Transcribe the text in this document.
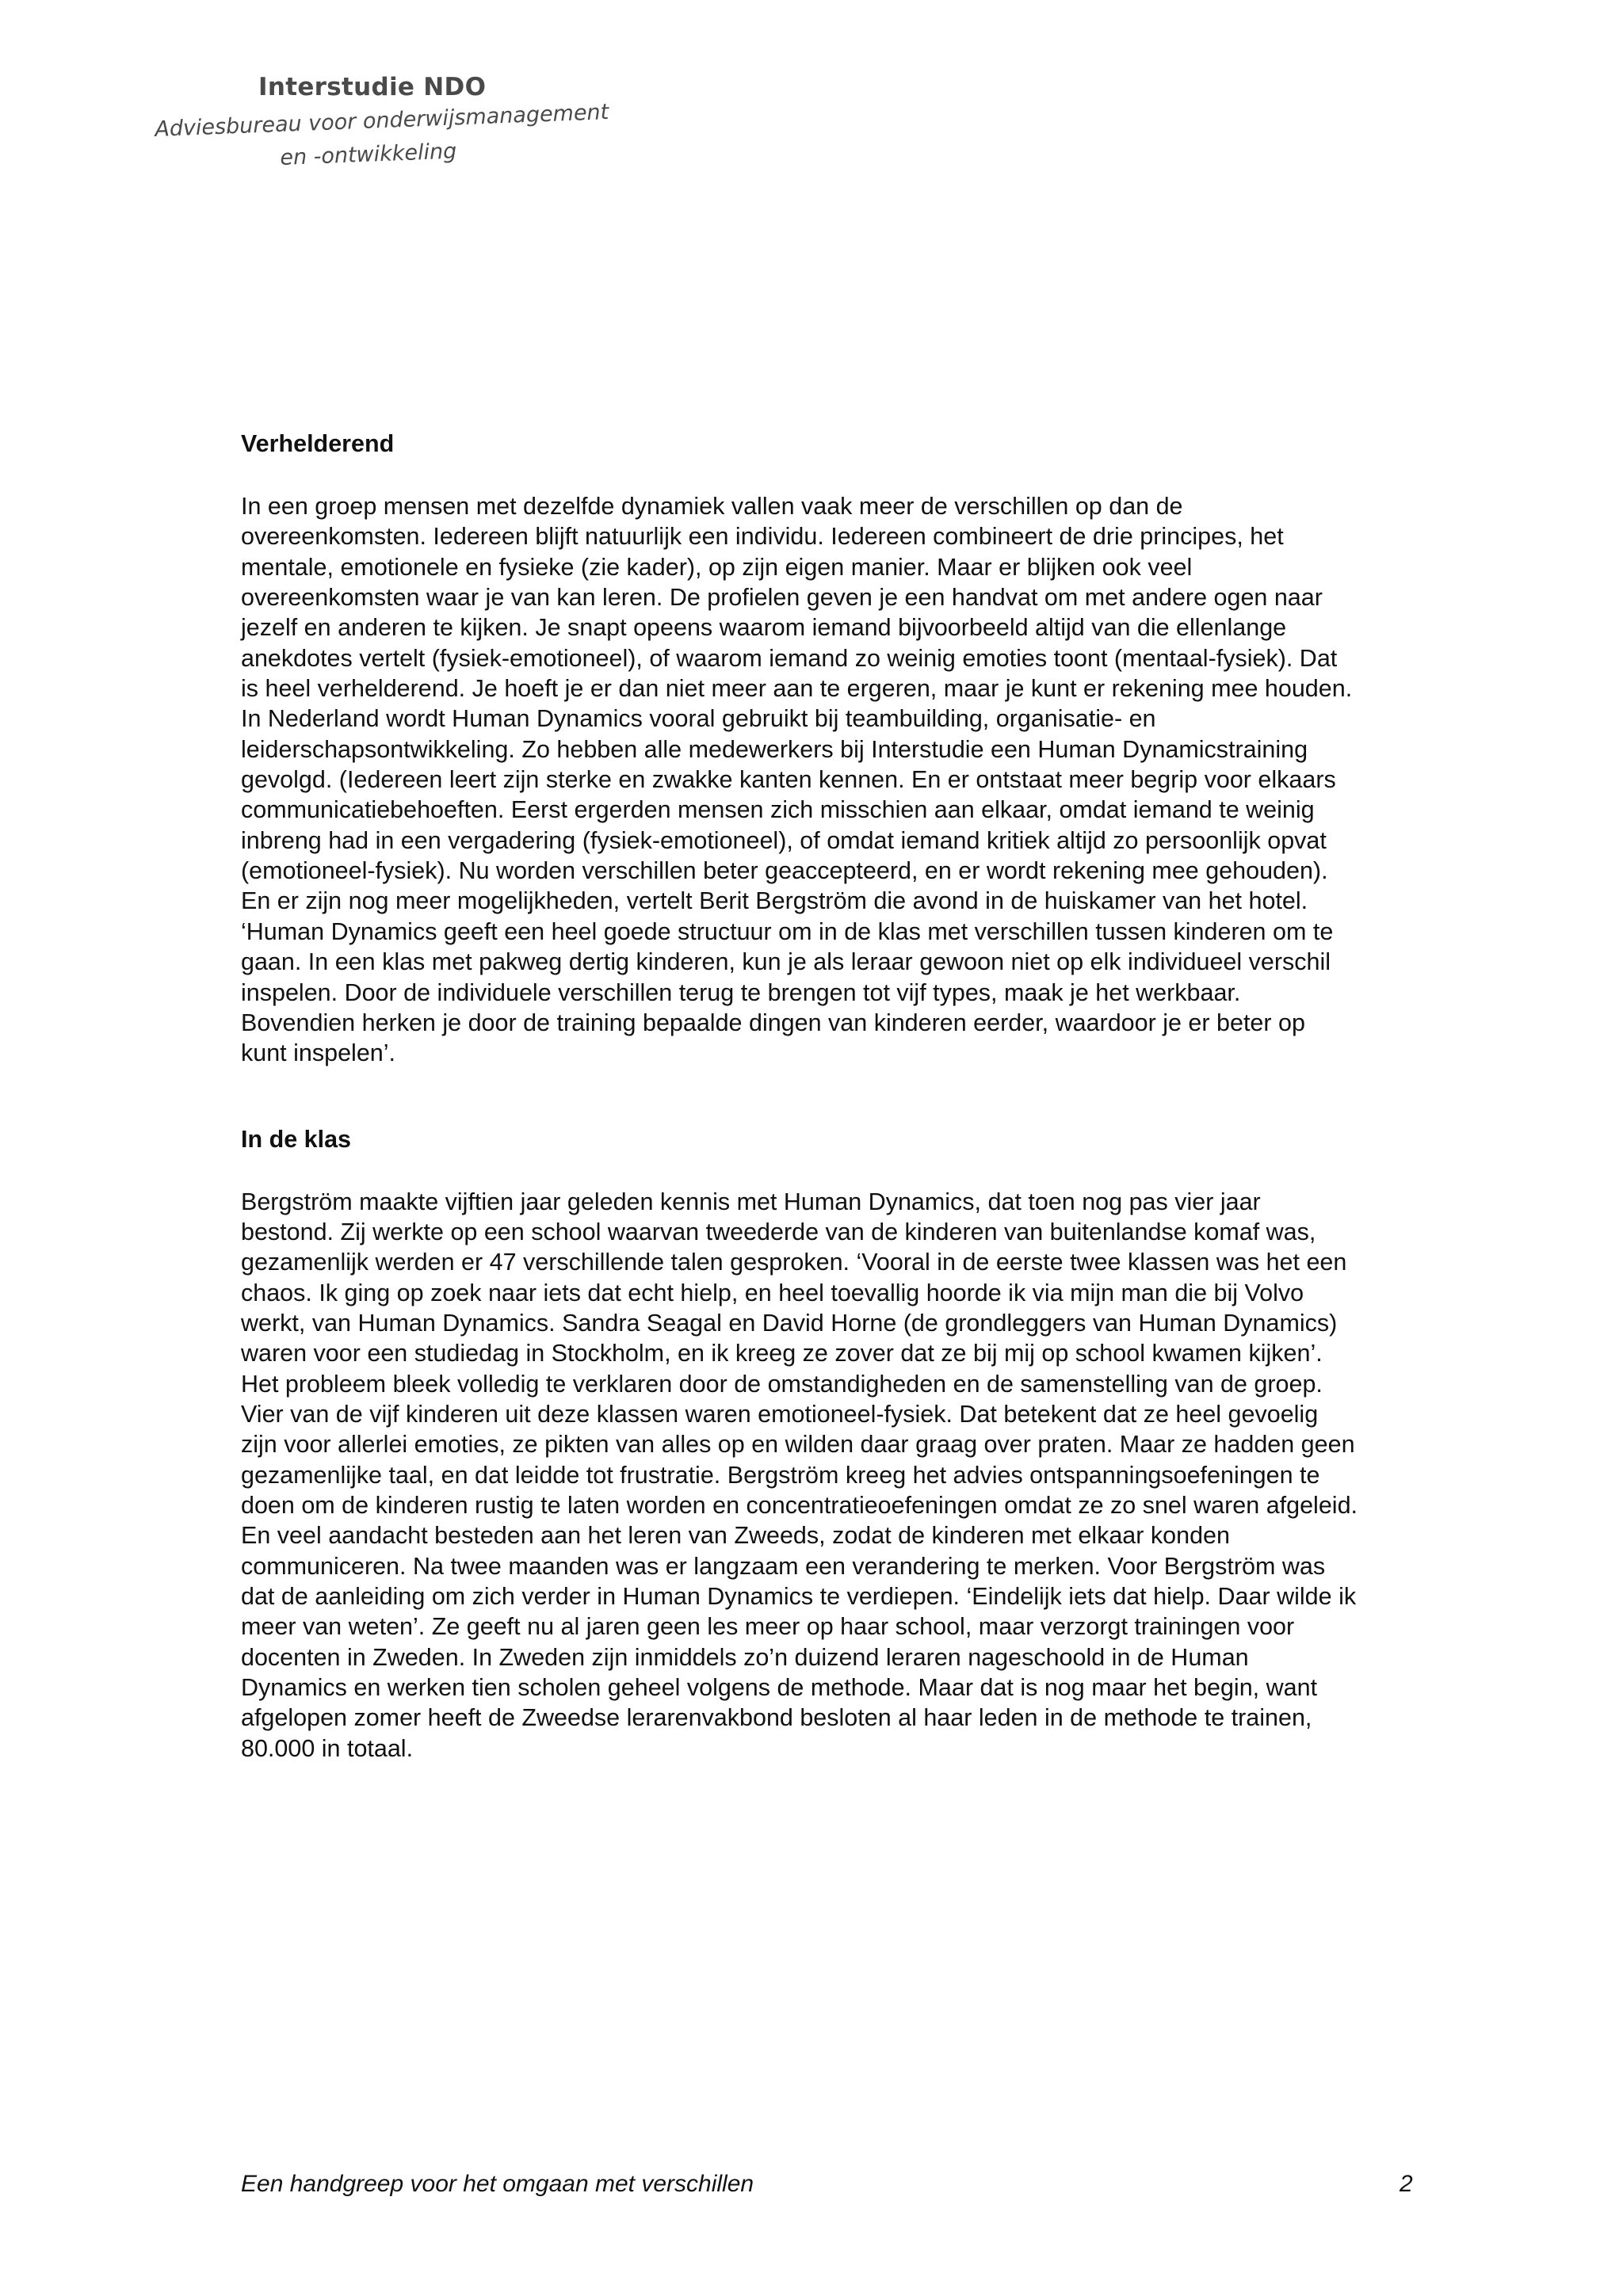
Interstudie NDO
Adviesbureau voor onderwijsmanagement
en -ontwikkeling
Verhelderend

In een groep mensen met dezelfde dynamiek vallen vaak meer de verschillen op dan de

overeenkomsten. Iedereen blijft natuurlijk een individu. Iedereen combineert de drie principes, het

mentale, emotionele en fysieke (zie kader), op zijn eigen manier. Maar er blijken ook veel

overeenkomsten waar je van kan leren. De profielen geven je een handvat om met andere ogen naar

jezelf en anderen te kijken. Je snapt opeens waarom iemand bijvoorbeeld altijd van die ellenlange

anekdotes vertelt (fysiek-emotioneel), of waarom iemand zo weinig emoties toont (mentaal-fysiek). Dat

is heel verhelderend. Je hoeft je er dan niet meer aan te ergeren, maar je kunt er rekening mee houden.

In Nederland wordt Human Dynamics vooral gebruikt bij teambuilding, organisatie- en

leiderschapsontwikkeling. Zo hebben alle medewerkers bij Interstudie een Human Dynamicstraining

gevolgd. (Iedereen leert zijn sterke en zwakke kanten kennen. En er ontstaat meer begrip voor elkaars

communicatiebehoeften. Eerst ergerden mensen zich misschien aan elkaar, omdat iemand te weinig

inbreng had in een vergadering (fysiek-emotioneel), of omdat iemand kritiek altijd zo persoonlijk opvat

(emotioneel-fysiek). Nu worden verschillen beter geaccepteerd, en er wordt rekening mee gehouden).

En er zijn nog meer mogelijkheden, vertelt Berit Bergström die avond in de huiskamer van het hotel.

‘Human Dynamics geeft een heel goede structuur om in de klas met verschillen tussen kinderen om te

gaan. In een klas met pakweg dertig kinderen, kun je als leraar gewoon niet op elk individueel verschil

inspelen. Door de individuele verschillen terug te brengen tot vijf types, maak je het werkbaar.

Bovendien herken je door de training bepaalde dingen van kinderen eerder, waardoor je er beter op

kunt inspelen’.

In de klas

Bergström maakte vijftien jaar geleden kennis met Human Dynamics, dat toen nog pas vier jaar

bestond. Zij werkte op een school waarvan tweederde van de kinderen van buitenlandse komaf was,

gezamenlijk werden er 47 verschillende talen gesproken. ‘Vooral in de eerste twee klassen was het een

chaos. Ik ging op zoek naar iets dat echt hielp, en heel toevallig hoorde ik via mijn man die bij Volvo

werkt, van Human Dynamics. Sandra Seagal en David Horne (de grondleggers van Human Dynamics)

waren voor een studiedag in Stockholm, en ik kreeg ze zover dat ze bij mij op school kwamen kijken’.

Het probleem bleek volledig te verklaren door de omstandigheden en de samenstelling van de groep.

Vier van de vijf kinderen uit deze klassen waren emotioneel-fysiek. Dat betekent dat ze heel gevoelig

zijn voor allerlei emoties, ze pikten van alles op en wilden daar graag over praten. Maar ze hadden geen

gezamenlijke taal, en dat leidde tot frustratie. Bergström kreeg het advies ontspanningsoefeningen te

doen om de kinderen rustig te laten worden en concentratieoefeningen omdat ze zo snel waren afgeleid.

En veel aandacht besteden aan het leren van Zweeds, zodat de kinderen met elkaar konden

communiceren. Na twee maanden was er langzaam een verandering te merken. Voor Bergström was

dat de aanleiding om zich verder in Human Dynamics te verdiepen. ‘Eindelijk iets dat hielp. Daar wilde ik

meer van weten’. Ze geeft nu al jaren geen les meer op haar school, maar verzorgt trainingen voor

docenten in Zweden. In Zweden zijn inmiddels zo’n duizend leraren nageschoold in de Human

Dynamics en werken tien scholen geheel volgens de methode. Maar dat is nog maar het begin, want

afgelopen zomer heeft de Zweedse lerarenvakbond besloten al haar leden in de methode te trainen,

80.000 in totaal.

Een handgreep voor het omgaan met verschillen	2
